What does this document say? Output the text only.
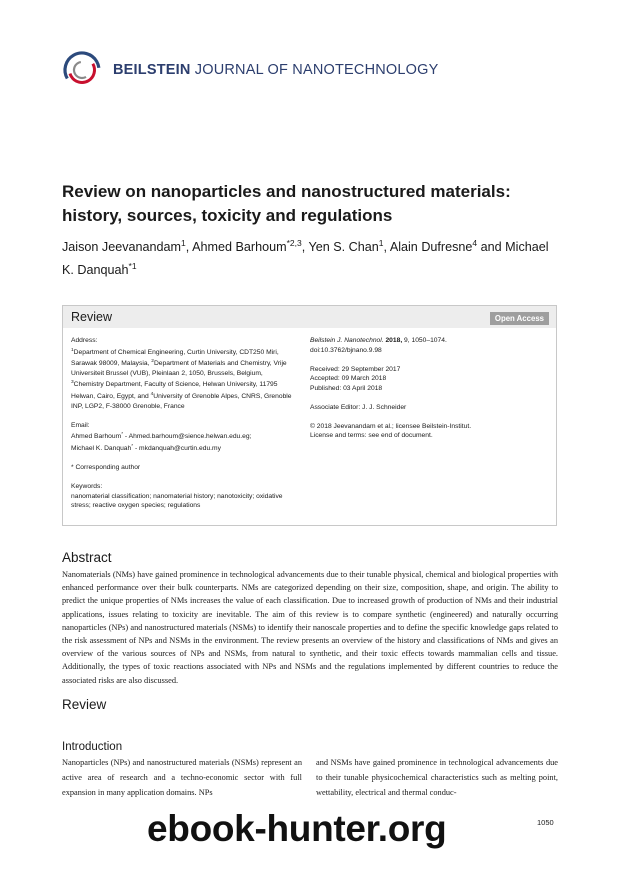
BEILSTEIN JOURNAL OF NANOTECHNOLOGY
Review on nanoparticles and nanostructured materials: history, sources, toxicity and regulations
Jaison Jeevanandam$^1$, Ahmed Barhoum$^{*2,3}$, Yen S. Chan$^1$, Alain Dufresne$^4$ and Michael K. Danquah$^{*1}$
Review	Open Access
Address:
$^1$Department of Chemical Engineering, Curtin University, CDT250 Miri, Sarawak 98009, Malaysia, $^2$Department of Materials and Chemistry, Vrije Universiteit Brussel (VUB), Pleinlaan 2, 1050, Brussels, Belgium, $^3$Chemistry Department, Faculty of Science, Helwan University, 11795 Helwan, Cairo, Egypt, and $^4$University of Grenoble Alpes, CNRS, Grenoble INP, LGP2, F-38000 Grenoble, France
Email:
Ahmed Barhoum* - Ahmed.barhoum@sience.helwan.edu.eg;
Michael K. Danquah* - mkdanquah@curtin.edu.my
* Corresponding author
Keywords:
nanomaterial classification; nanomaterial history; nanotoxicity; oxidative stress; reactive oxygen species; regulations
Beilstein J. Nanotechnol. 2018, 9, 1050–1074.
doi:10.3762/bjnano.9.98
Received: 29 September 2017
Accepted: 09 March 2018
Published: 03 April 2018
Associate Editor: J. J. Schneider
© 2018 Jeevanandam et al.; licensee Beilstein-Institut.
License and terms: see end of document.
Abstract
Nanomaterials (NMs) have gained prominence in technological advancements due to their tunable physical, chemical and biological properties with enhanced performance over their bulk counterparts. NMs are categorized depending on their size, composition, shape, and origin. The ability to predict the unique properties of NMs increases the value of each classification. Due to increased growth of production of NMs and their industrial applications, issues relating to toxicity are inevitable. The aim of this review is to compare synthetic (engineered) and naturally occurring nanoparticles (NPs) and nanostructured materials (NSMs) to identify their nanoscale properties and to define the specific knowledge gaps related to the risk assessment of NPs and NSMs in the environment. The review presents an overview of the history and classifications of NMs and gives an overview of the various sources of NPs and NSMs, from natural to synthetic, and their toxic effects towards mammalian cells and tissue. Additionally, the types of toxic reactions associated with NPs and NSMs and the regulations implemented by different countries to reduce the associated risks are also discussed.
Review
Introduction
Nanoparticles (NPs) and nanostructured materials (NSMs) represent an active area of research and a techno-economic sector with full expansion in many application domains. NPs
and NSMs have gained prominence in technological advancements due to their tunable physicochemical characteristics such as melting point, wettability, electrical and thermal conduc-
1050
ebook-hunter.org
